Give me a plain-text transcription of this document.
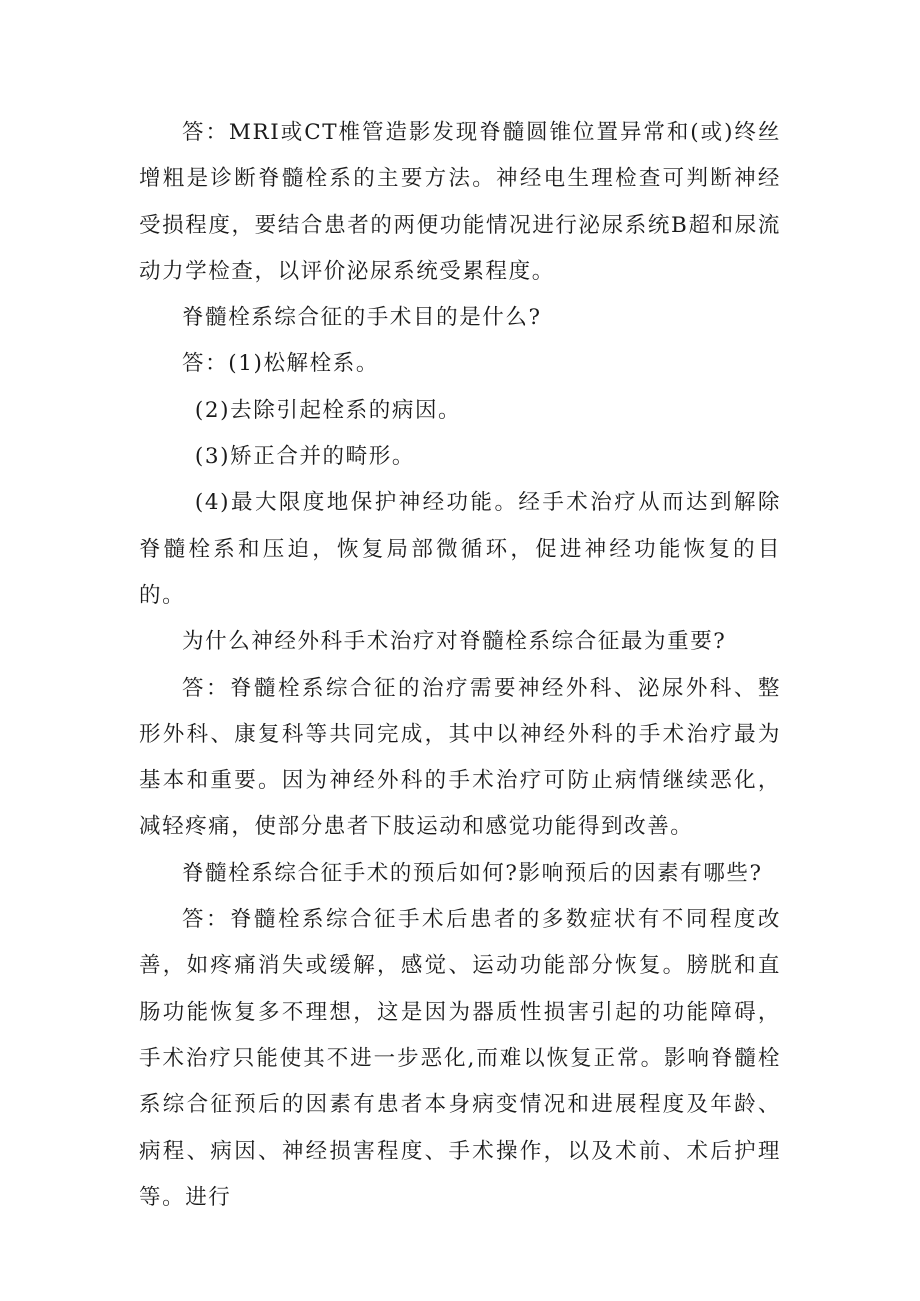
答：MRI或CT椎管造影发现脊髓圆锥位置异常和(或)终丝增粗是诊断脊髓栓系的主要方法。神经电生理检查可判断神经受损程度，要结合患者的两便功能情况进行泌尿系统B超和尿流动力学检查，以评价泌尿系统受累程度。

脊髓栓系综合征的手术目的是什么?

答：(1)松解栓系。

(2)去除引起栓系的病因。

(3)矫正合并的畸形。

(4)最大限度地保护神经功能。经手术治疗从而达到解除脊髓栓系和压迫，恢复局部微循环，促进神经功能恢复的目的。

为什么神经外科手术治疗对脊髓栓系综合征最为重要?

答：脊髓栓系综合征的治疗需要神经外科、泌尿外科、整形外科、康复科等共同完成，其中以神经外科的手术治疗最为基本和重要。因为神经外科的手术治疗可防止病情继续恶化，减轻疼痛，使部分患者下肢运动和感觉功能得到改善。

脊髓栓系综合征手术的预后如何?影响预后的因素有哪些?

答：脊髓栓系综合征手术后患者的多数症状有不同程度改善，如疼痛消失或缓解，感觉、运动功能部分恢复。膀胱和直肠功能恢复多不理想，这是因为器质性损害引起的功能障碍，手术治疗只能使其不进一步恶化,而难以恢复正常。影响脊髓栓系综合征预后的因素有患者本身病变情况和进展程度及年龄、病程、病因、神经损害程度、手术操作，以及术前、术后护理等。进行
